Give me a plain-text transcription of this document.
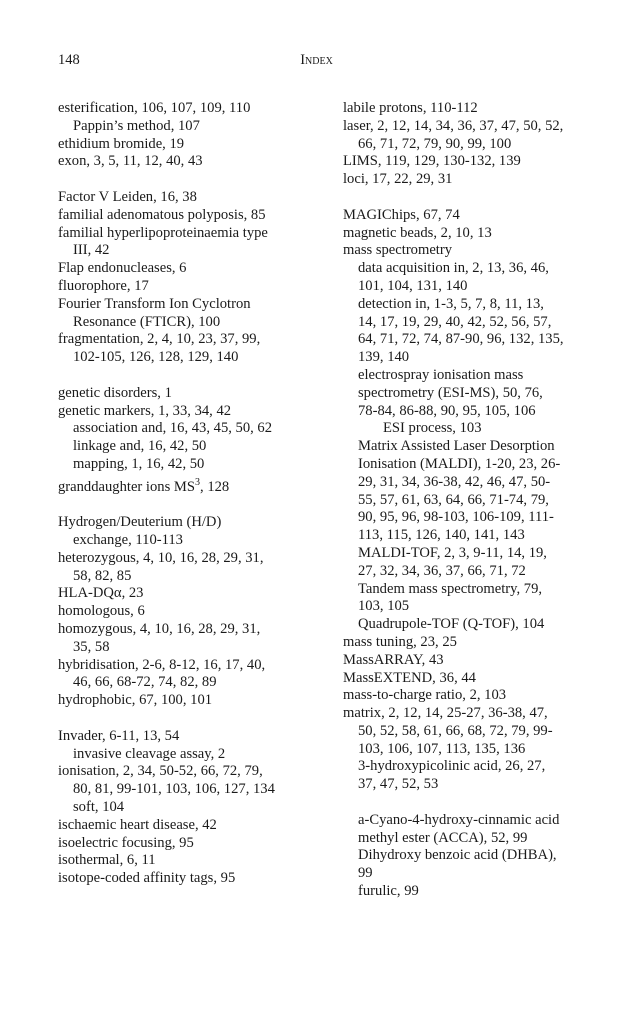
148	Index
esterification, 106, 107, 109, 110
Pappin’s method, 107
ethidium bromide, 19
exon, 3, 5, 11, 12, 40, 43
Factor V Leiden, 16, 38
familial adenomatous polyposis, 85
familial hyperlipoproteinaemia type
III, 42
Flap endonucleases, 6
fluorophore, 17
Fourier Transform Ion Cyclotron
Resonance (FTICR), 100
fragmentation, 2, 4, 10, 23, 37, 99,
102-105, 126, 128, 129, 140
genetic disorders, 1
genetic markers, 1, 33, 34, 42
association and, 16, 43, 45, 50, 62
linkage and, 16, 42, 50
mapping, 1, 16, 42, 50
granddaughter ions $MS^3$, 128
Hydrogen/Deuterium (H/D)
exchange, 110-113
heterozygous, 4, 10, 16, 28, 29, 31,
58, 82, 85
HLA-DQα, 23
homologous, 6
homozygous, 4, 10, 16, 28, 29, 31,
35, 58
hybridisation, 2-6, 8-12, 16, 17, 40,
46, 66, 68-72, 74, 82, 89
hydrophobic, 67, 100, 101
Invader, 6-11, 13, 54
invasive cleavage assay, 2
ionisation, 2, 34, 50-52, 66, 72, 79,
80, 81, 99-101, 103, 106, 127, 134
soft, 104
ischaemic heart disease, 42
isoelectric focusing, 95
isothermal, 6, 11
isotope-coded affinity tags, 95
labile protons, 110-112
laser, 2, 12, 14, 34, 36, 37, 47, 50, 52,
66, 71, 72, 79, 90, 99, 100
LIMS, 119, 129, 130-132, 139
loci, 17, 22, 29, 31
MAGIChips, 67, 74
magnetic beads, 2, 10, 13
mass spectrometry
data acquisition in, 2, 13, 36, 46,
101, 104, 131, 140
detection in, 1-3, 5, 7, 8, 11, 13,
14, 17, 19, 29, 40, 42, 52, 56, 57,
64, 71, 72, 74, 87-90, 96, 132, 135,
139, 140
electrospray ionisation mass
spectrometry (ESI-MS), 50, 76,
78-84, 86-88, 90, 95, 105, 106
ESI process, 103
Matrix Assisted Laser Desorption
Ionisation (MALDI), 1-20, 23, 26-
29, 31, 34, 36-38, 42, 46, 47, 50-
55, 57, 61, 63, 64, 66, 71-74, 79,
90, 95, 96, 98-103, 106-109, 111-
113, 115, 126, 140, 141, 143
MALDI-TOF, 2, 3, 9-11, 14, 19,
27, 32, 34, 36, 37, 66, 71, 72
Tandem mass spectrometry, 79,
103, 105
Quadrupole-TOF (Q-TOF), 104
mass tuning, 23, 25
MassARRAY, 43
MassEXTEND, 36, 44
mass-to-charge ratio, 2, 103
matrix, 2, 12, 14, 25-27, 36-38, 47,
50, 52, 58, 61, 66, 68, 72, 79, 99-
103, 106, 107, 113, 135, 136
3-hydroxypicolinic acid, 26, 27,
37, 47, 52, 53
a-Cyano-4-hydroxy-cinnamic acid
methyl ester (ACCA), 52, 99
Dihydroxy benzoic acid (DHBA),
99
furulic, 99
